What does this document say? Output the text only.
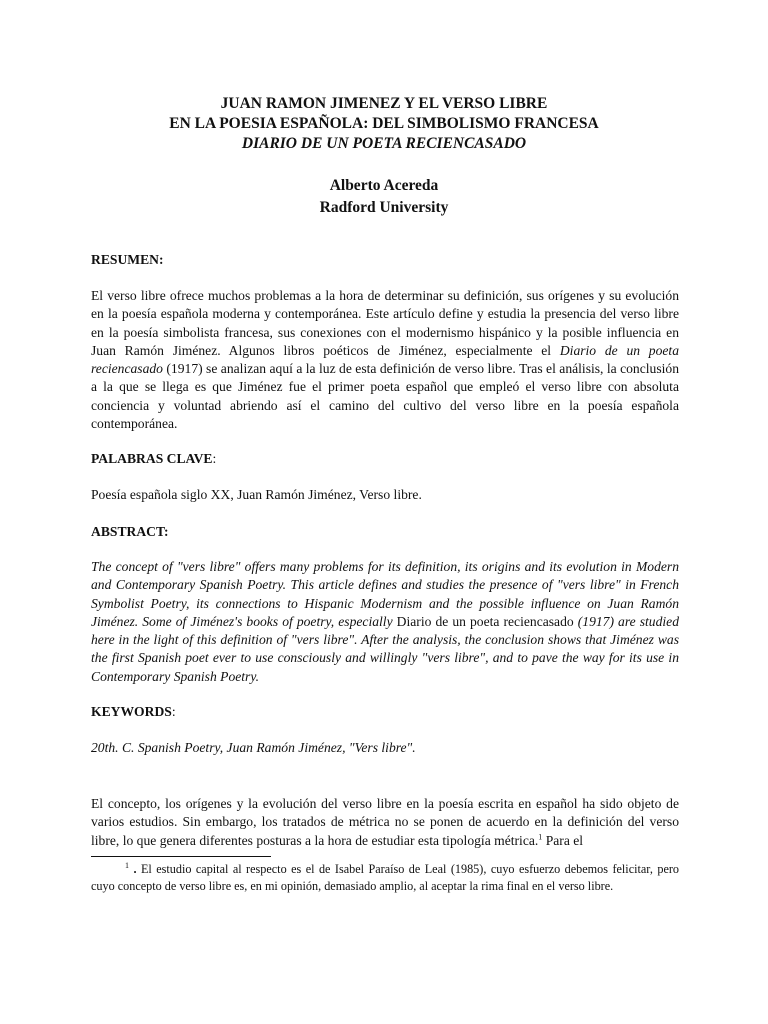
JUAN RAMON JIMENEZ Y EL VERSO LIBRE
EN LA POESIA ESPAÑOLA: DEL SIMBOLISMO FRANCESA
DIARIO DE UN POETA RECIENCASADO
Alberto Acereda
Radford University
RESUMEN:
El verso libre ofrece muchos problemas a la hora de determinar su definición, sus orígenes y su evolución en la poesía española moderna y contemporánea. Este artículo define y estudia la presencia del verso libre en la poesía simbolista francesa, sus conexiones con el modernismo hispánico y la posible influencia en Juan Ramón Jiménez. Algunos libros poéticos de Jiménez, especialmente el Diario de un poeta reciencasado (1917) se analizan aquí a la luz de esta definición de verso libre. Tras el análisis, la conclusión a la que se llega es que Jiménez fue el primer poeta español que empleó el verso libre con absoluta conciencia y voluntad abriendo así el camino del cultivo del verso libre en la poesía española contemporánea.
PALABRAS CLAVE:
Poesía española siglo XX, Juan Ramón Jiménez, Verso libre.
ABSTRACT:
The concept of "vers libre" offers many problems for its definition, its origins and its evolution in Modern and Contemporary Spanish Poetry. This article defines and studies the presence of "vers libre" in French Symbolist Poetry, its connections to Hispanic Modernism and the possible influence on Juan Ramón Jiménez. Some of Jiménez's books of poetry, especially Diario de un poeta reciencasado (1917) are studied here in the light of this definition of "vers libre". After the analysis, the conclusion shows that Jiménez was the first Spanish poet ever to use consciously and willingly "vers libre", and to pave the way for its use in Contemporary Spanish Poetry.
KEYWORDS:
20th. C. Spanish Poetry, Juan Ramón Jiménez, "Vers libre".
El concepto, los orígenes y la evolución del verso libre en la poesía escrita en español ha sido objeto de varios estudios. Sin embargo, los tratados de métrica no se ponen de acuerdo en la definición del verso libre, lo que genera diferentes posturas a la hora de estudiar esta tipología métrica.$^1$ Para el
$^1$ . El estudio capital al respecto es el de Isabel Paraíso de Leal (1985), cuyo esfuerzo debemos felicitar, pero cuyo concepto de verso libre es, en mi opinión, demasiado amplio, al aceptar la rima final en el verso libre.
